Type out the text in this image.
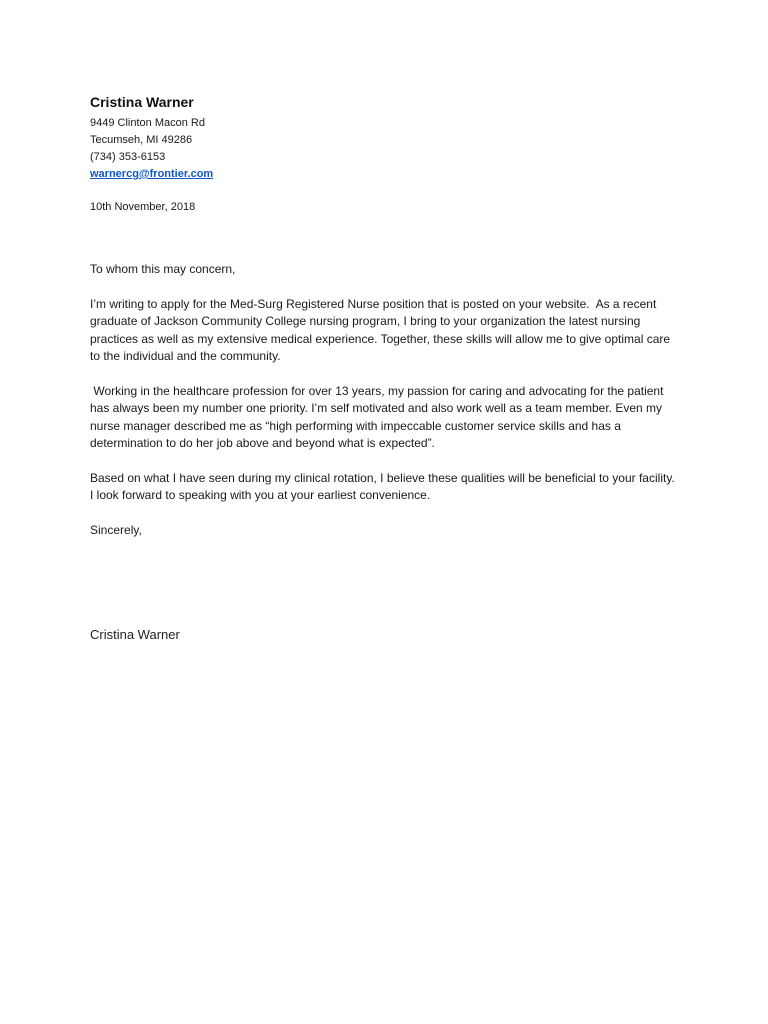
Cristina Warner

9449 Clinton Macon Rd

Tecumseh, MI 49286

(734) 353-6153

warnercg@frontier.com

10th November, 2018

To whom this may concern,

I’m writing to apply for the Med-Surg Registered Nurse position that is posted on your website.  As a recent graduate of Jackson Community College nursing program, I bring to your organization the latest nursing practices as well as my extensive medical experience. Together, these skills will allow me to give optimal care to the individual and the community.

Working in the healthcare profession for over 13 years, my passion for caring and advocating for the patient has always been my number one priority. I’m self motivated and also work well as a team member. Even my nurse manager described me as “high performing with impeccable customer service skills and has a determination to do her job above and beyond what is expected”.

Based on what I have seen during my clinical rotation, I believe these qualities will be beneficial to your facility. I look forward to speaking with you at your earliest convenience.

Sincerely,

Cristina Warner
